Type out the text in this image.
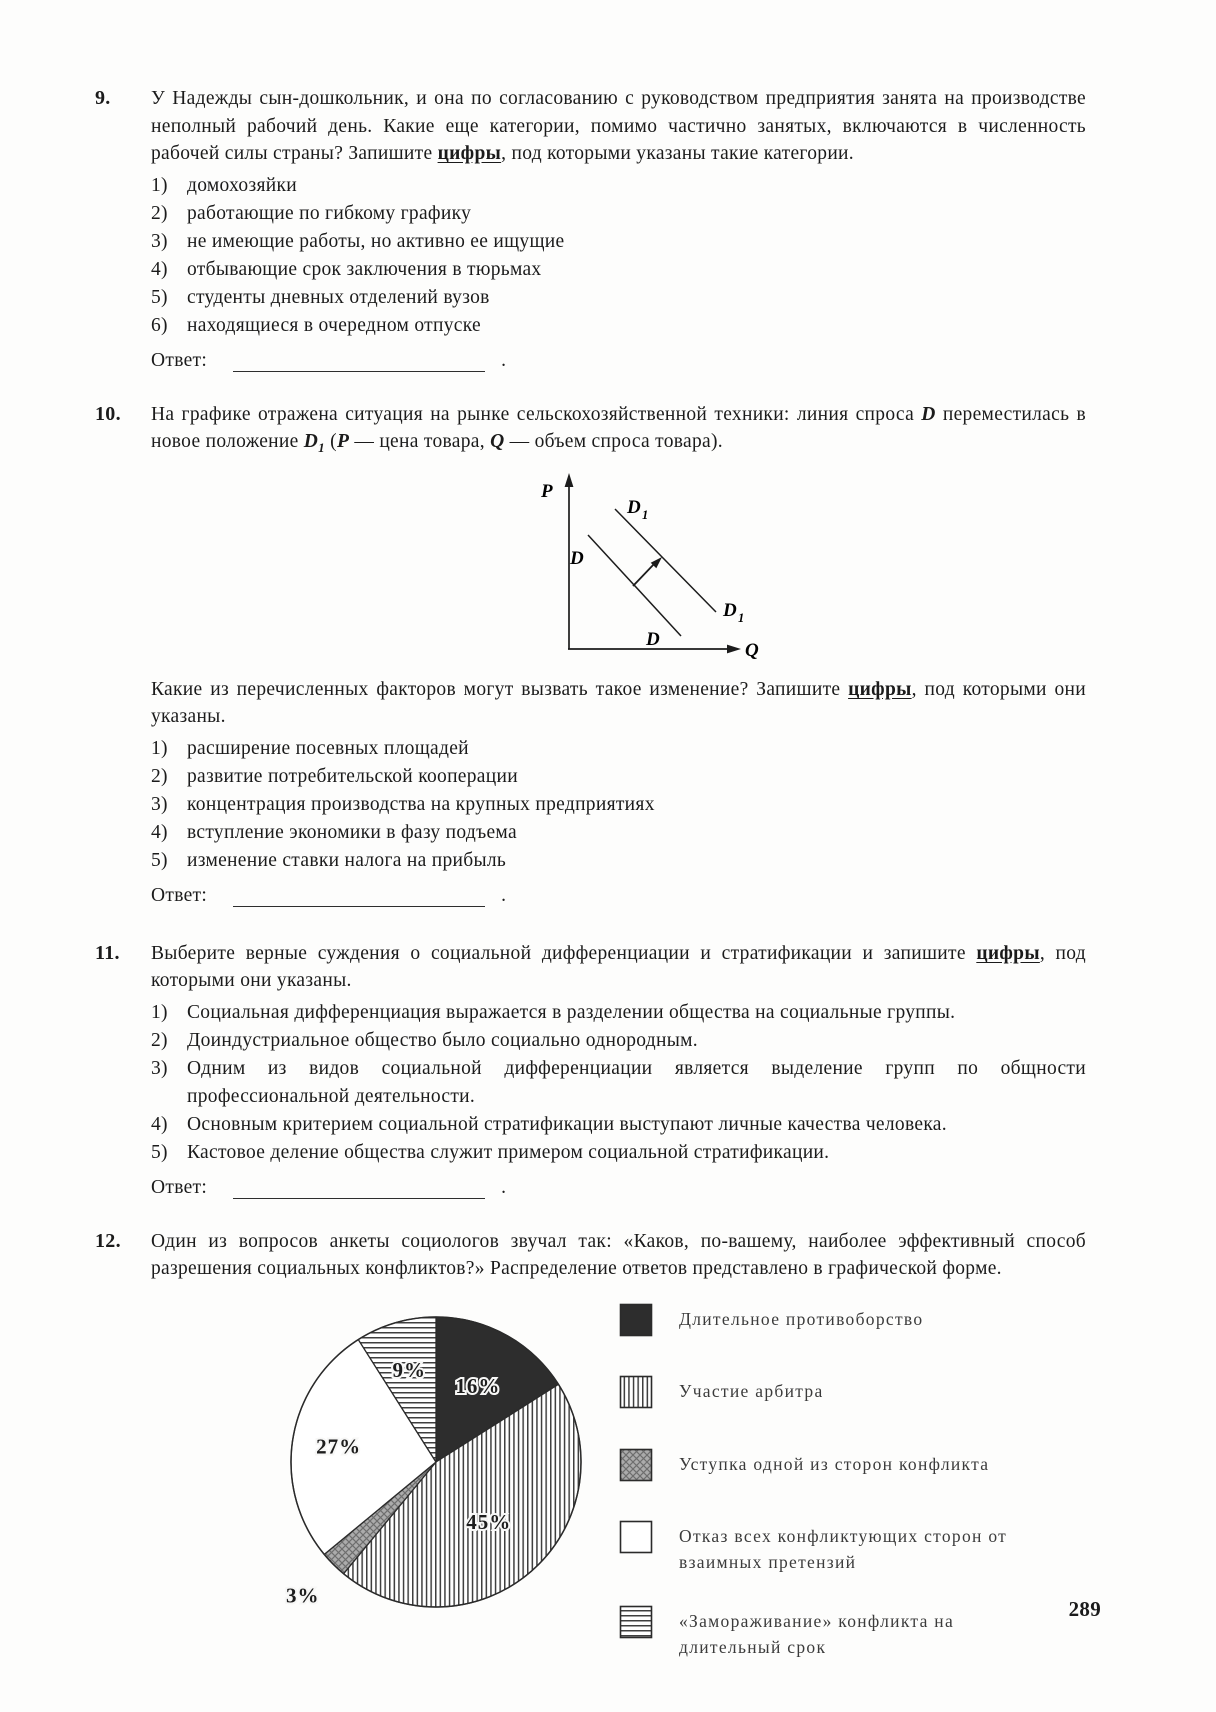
9.	У Надежды сын-дошкольник, и она по согласованию с руководством предприятия занята на производстве неполный рабочий день. Какие еще категории, помимо частично занятых, включаются в численность рабочей силы страны? Запишите цифры, под которыми указаны такие категории.

1) домохозяйки
2) работающие по гибкому графику
3) не имеющие работы, но активно ее ищущие
4) отбывающие срок заключения в тюрьмах
5) студенты дневных отделений вузов
6) находящиеся в очередном отпуске
Ответ:	.
10.	На графике отражена ситуация на рынке сельскохозяйственной техники: линия спроса D переместилась в новое положение $D_1$ (P — цена товара, Q — объем спроса товара).

P
Q
D
D
D 1
D 1

Какие из перечисленных факторов могут вызвать такое изменение? Запишите цифры, под которыми они указаны.

1) расширение посевных площадей
2) развитие потребительской кооперации
3) концентрация производства на крупных предприятиях
4) вступление экономики в фазу подъема
5) изменение ставки налога на прибыль
Ответ:	.
11.	Выберите верные суждения о социальной дифференциации и стратификации и запишите цифры, под которыми они указаны.

1) Социальная дифференциация выражается в разделении общества на социальные группы.
2) Доиндустриальное общество было социально однородным.
3) Одним из видов социальной дифференциации является выделение групп по общности профессиональной деятельности.
4) Основным критерием социальной стратификации выступают личные качества человека.
5) Кастовое деление общества служит примером социальной стратификации.
Ответ:	.
12.	Один из вопросов анкеты социологов звучал так: «Каков, по-вашему, наиболее эффективный способ разрешения социальных конфликтов?» Распределение ответов представлено в графической форме.

16%
45%
3%
27%
9%
Длительное противоборство
Участие арбитра
Уступка одной из сторон конфликта
Отказ всех конфликтующих сторон от взаимных претензий
«Замораживание» конфликта на длительный срок
289
